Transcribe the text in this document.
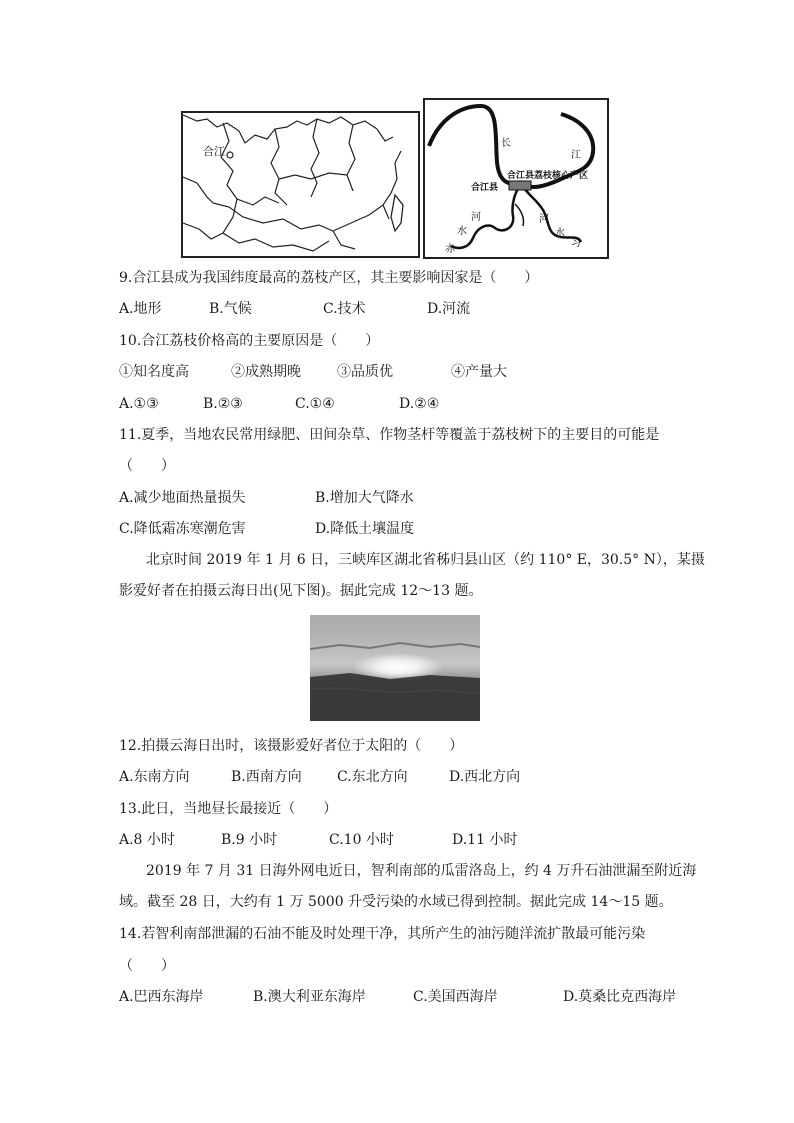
合江
长
江
合江县荔枝核心产区
合江县
河
水
赤
河
水
习
9.合江县成为我国纬度最高的荔枝产区，其主要影响因家是（　　）
A.地形	B.气候	C.技术	D.河流
10.合江荔枝价格高的主要原因是（　　）
①知名度高	②成熟期晚	③品质优	④产量大
A.①③	B.②③	C.①④	D.②④
11.夏季，当地农民常用绿肥、田间杂草、作物茎杆等覆盖于荔枝树下的主要目的可能是
（　　）
A.减少地面热量损失	B.增加大气降水
C.降低霜冻寒潮危害	D.降低土壤温度
北京时间 2019 年 1 月 6 日，三峡库区湖北省秭归县山区（约 110° E，30.5° N），某摄
影爱好者在拍摄云海日出(见下图)。据此完成 12～13 题。
12.拍摄云海日出时，该摄影爱好者位于太阳的（　　）
A.东南方向	B.西南方向	C.东北方向	D.西北方向
13.此日，当地昼长最接近（　　）
A.8 小时	B.9 小时	C.10 小时	D.11 小时
2019 年 7 月 31 日海外网电近日，智利南部的瓜雷洛岛上，约 4 万升石油泄漏至附近海
域。截至 28 日，大约有 1 万 5000 升受污染的水域已得到控制。据此完成 14～15 题。
14.若智利南部泄漏的石油不能及时处理干净，其所产生的油污随洋流扩散最可能污染
（　　）
A.巴西东海岸	B.澳大利亚东海岸	C.美国西海岸	D.莫桑比克西海岸
